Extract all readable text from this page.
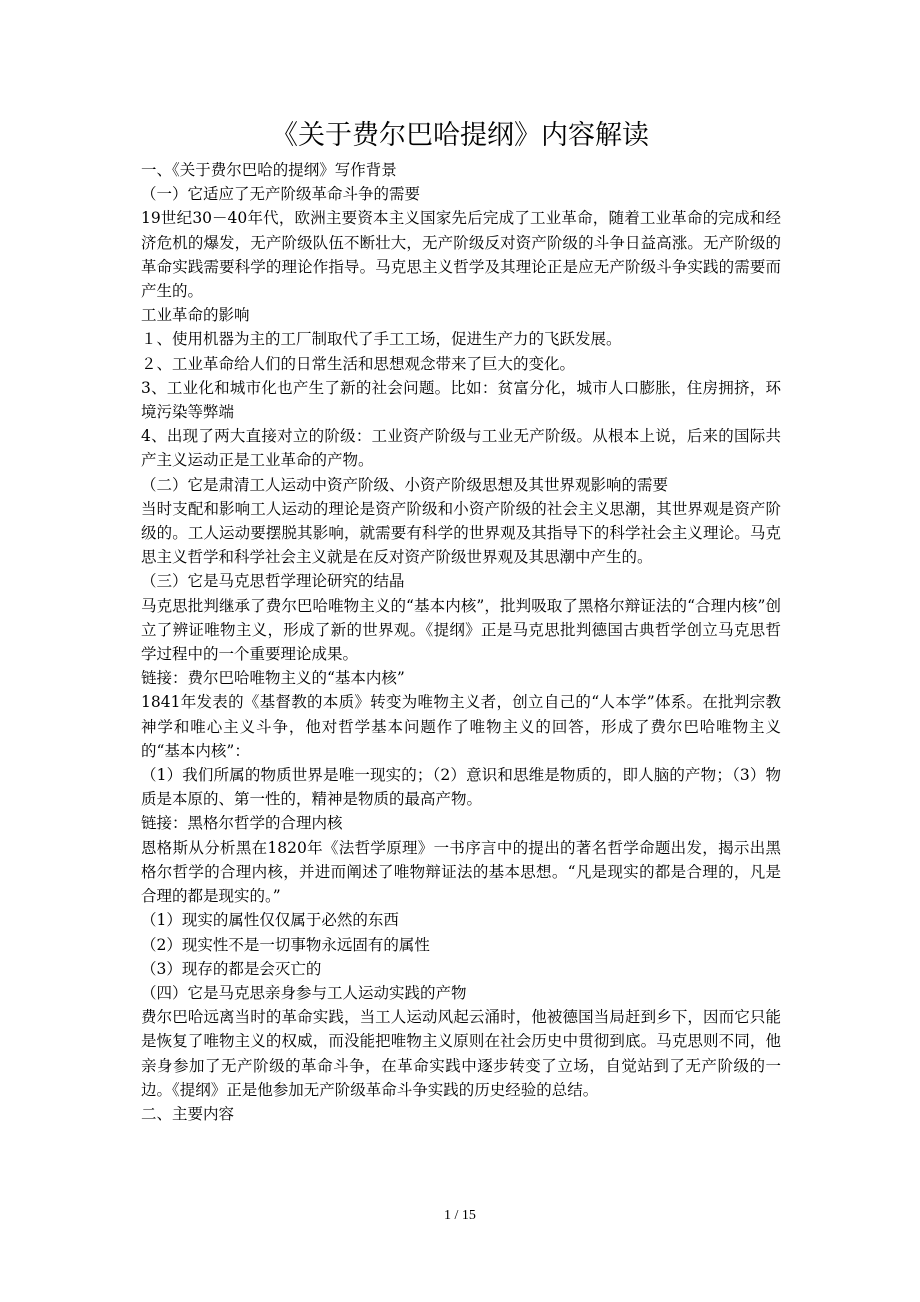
《关于费尔巴哈提纲》内容解读

一、《关于费尔巴哈的提纲》写作背景

（一）它适应了无产阶级革命斗争的需要

19世纪30－40年代，欧洲主要资本主义国家先后完成了工业革命，随着工业革命的完成和经济危机的爆发，无产阶级队伍不断壮大，无产阶级反对资产阶级的斗争日益高涨。无产阶级的革命实践需要科学的理论作指导。马克思主义哲学及其理论正是应无产阶级斗争实践的需要而产生的。

工业革命的影响

１、使用机器为主的工厂制取代了手工工场，促进生产力的飞跃发展。

２、工业革命给人们的日常生活和思想观念带来了巨大的变化。

3、工业化和城市化也产生了新的社会问题。比如：贫富分化，城市人口膨胀，住房拥挤，环境污染等弊端

4、出现了两大直接对立的阶级：工业资产阶级与工业无产阶级。从根本上说，后来的国际共产主义运动正是工业革命的产物。

（二）它是肃清工人运动中资产阶级、小资产阶级思想及其世界观影响的需要

当时支配和影响工人运动的理论是资产阶级和小资产阶级的社会主义思潮，其世界观是资产阶级的。工人运动要摆脱其影响，就需要有科学的世界观及其指导下的科学社会主义理论。马克思主义哲学和科学社会主义就是在反对资产阶级世界观及其思潮中产生的。

（三）它是马克思哲学理论研究的结晶

马克思批判继承了费尔巴哈唯物主义的“基本内核”，批判吸取了黑格尔辩证法的“合理内核”创立了辨证唯物主义，形成了新的世界观。《提纲》正是马克思批判德国古典哲学创立马克思哲学过程中的一个重要理论成果。

链接：费尔巴哈唯物主义的“基本内核”

1841年发表的《基督教的本质》转变为唯物主义者，创立自己的“人本学”体系。在批判宗教神学和唯心主义斗争，他对哲学基本问题作了唯物主义的回答，形成了费尔巴哈唯物主义的“基本内核”：

（1）我们所属的物质世界是唯一现实的；（2）意识和思维是物质的，即人脑的产物；（3）物质是本原的、第一性的，精神是物质的最高产物。

链接：黑格尔哲学的合理内核

恩格斯从分析黑在1820年《法哲学原理》一书序言中的提出的著名哲学命题出发，揭示出黑格尔哲学的合理内核，并进而阐述了唯物辩证法的基本思想。“凡是现实的都是合理的，凡是合理的都是现实的。”

（1）现实的属性仅仅属于必然的东西

（2）现实性不是一切事物永远固有的属性

（3）现存的都是会灭亡的

（四）它是马克思亲身参与工人运动实践的产物

费尔巴哈远离当时的革命实践，当工人运动风起云涌时，他被德国当局赶到乡下，因而它只能是恢复了唯物主义的权威，而没能把唯物主义原则在社会历史中贯彻到底。马克思则不同，他亲身参加了无产阶级的革命斗争，在革命实践中逐步转变了立场，自觉站到了无产阶级的一边。《提纲》正是他参加无产阶级革命斗争实践的历史经验的总结。

二、主要内容

1 / 15
